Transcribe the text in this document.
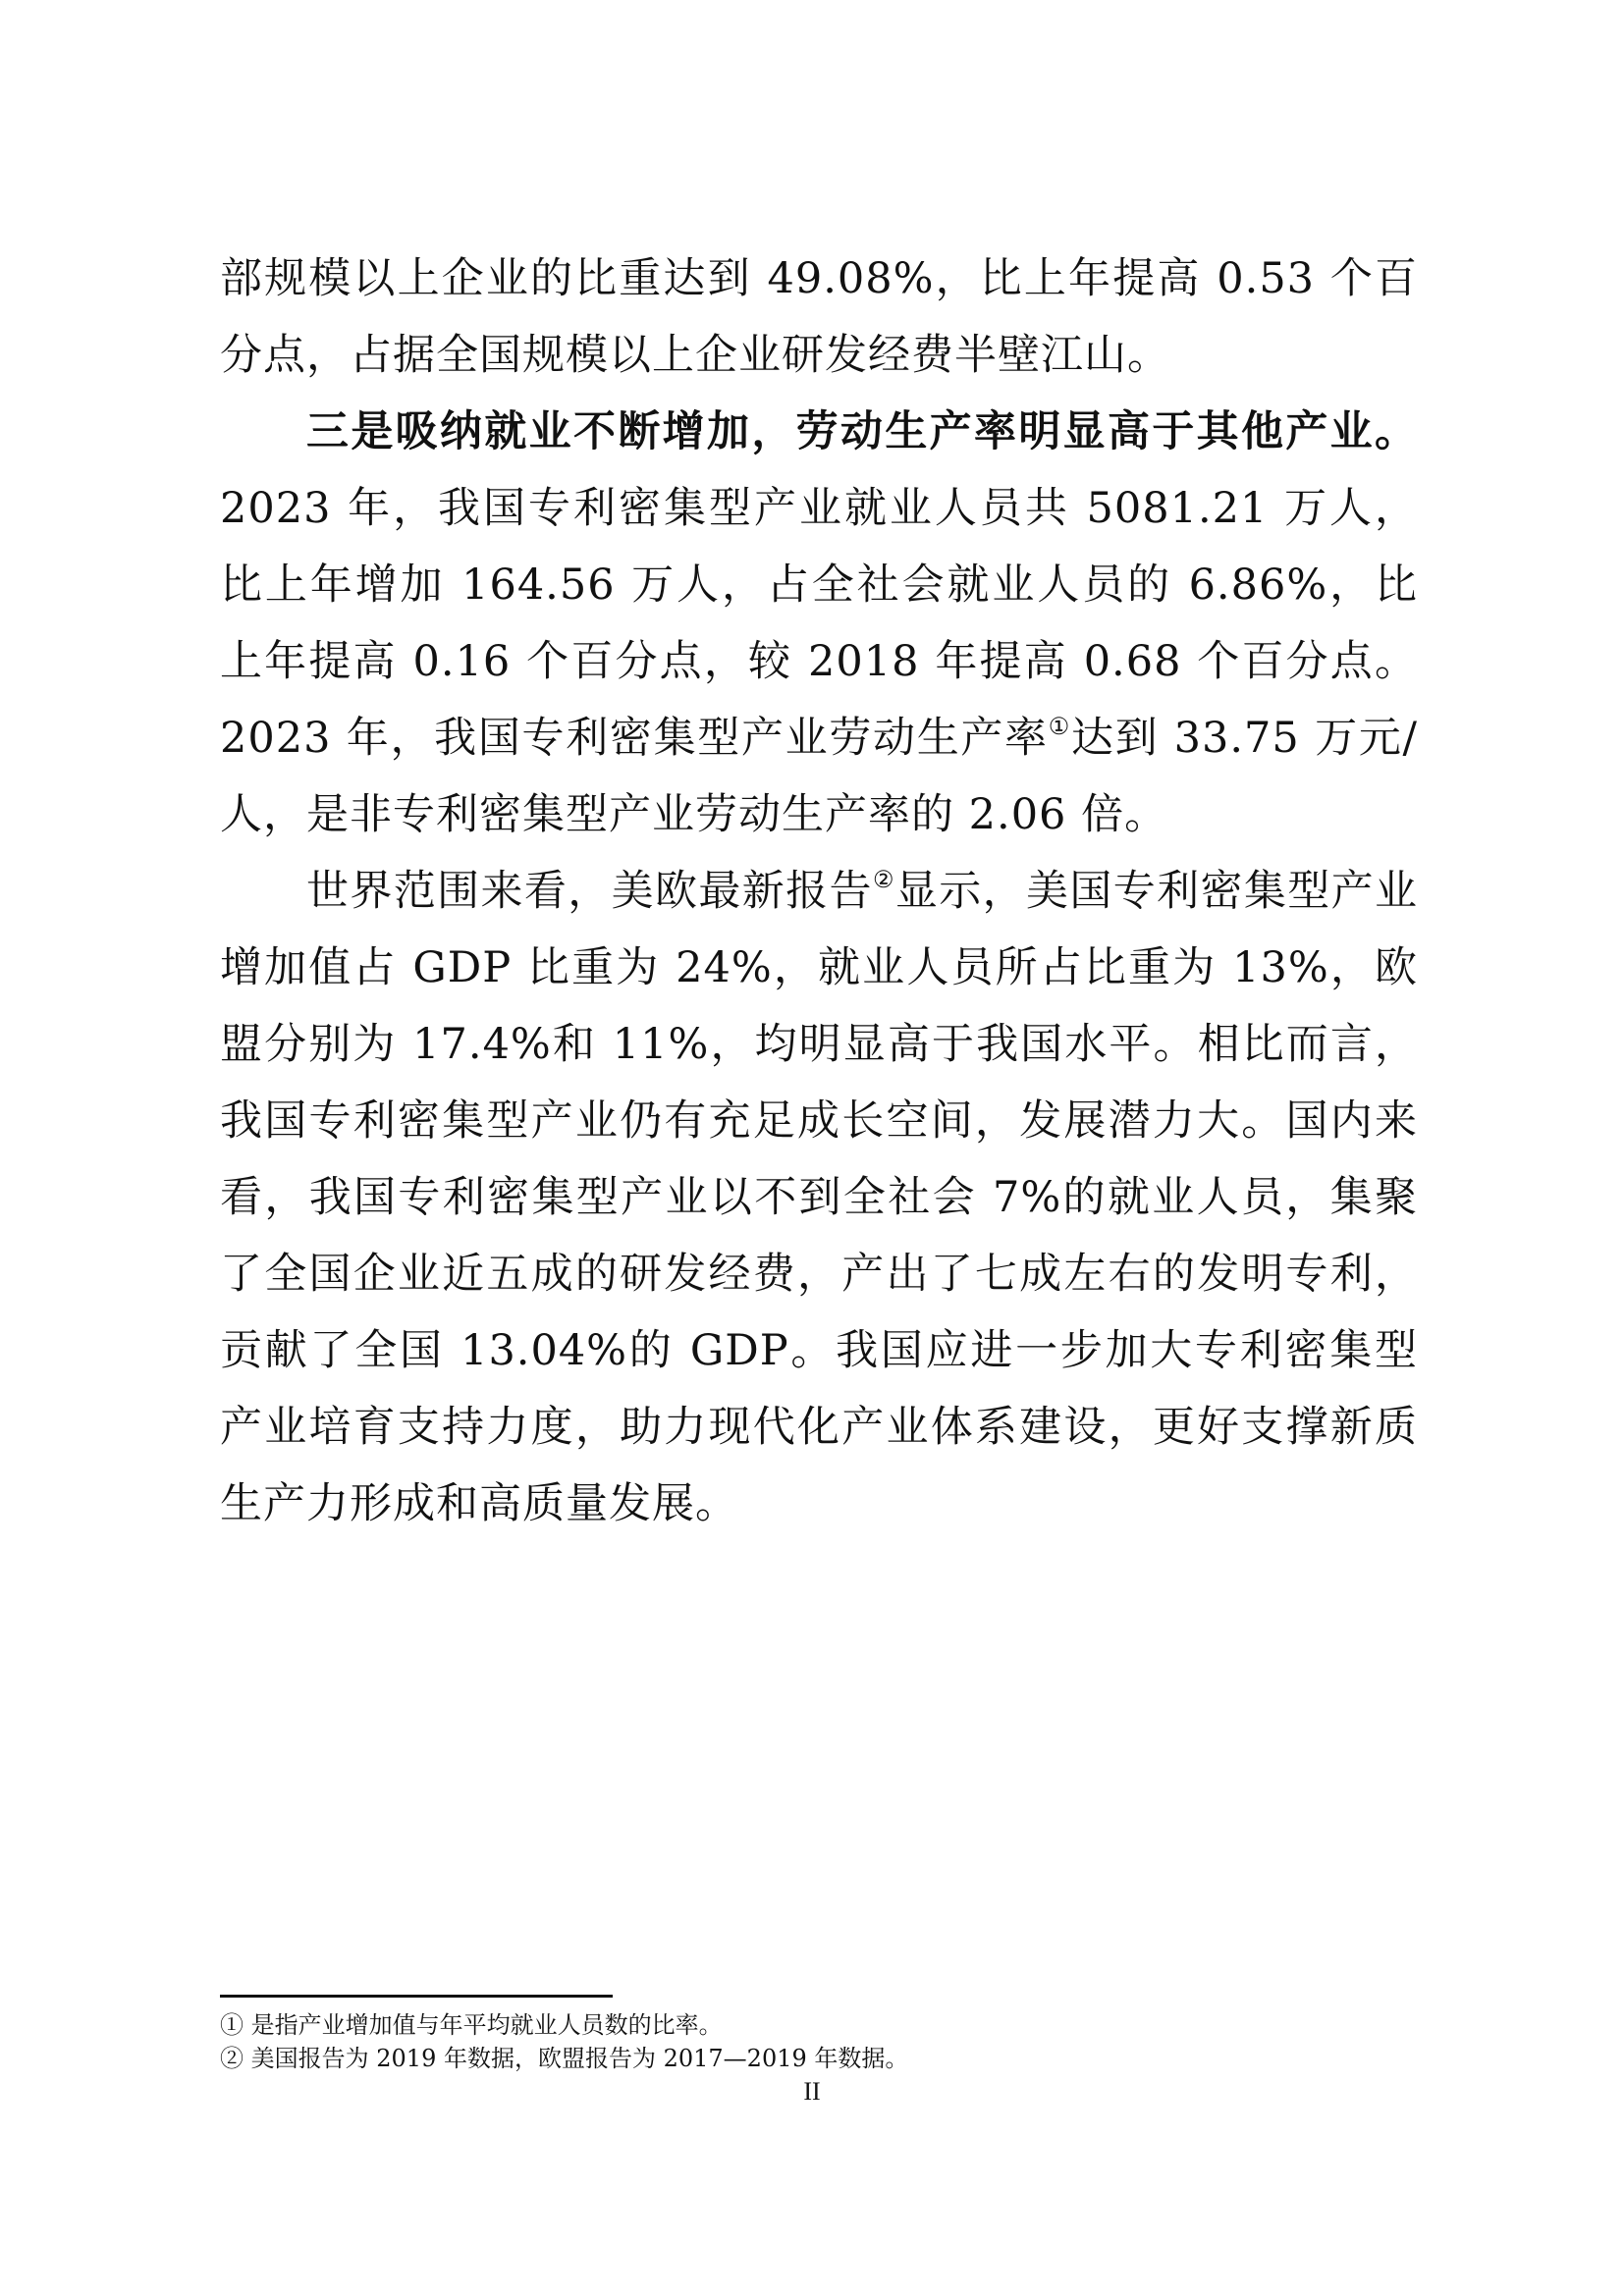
部规模以上企业的比重达到 49.08%，比上年提高 0.53 个百分点，占据全国规模以上企业研发经费半壁江山。

三是吸纳就业不断增加，劳动生产率明显高于其他产业。2023 年，我国专利密集型产业就业人员共 5081.21 万人，比上年增加 164.56 万人，占全社会就业人员的 6.86%，比上年提高 0.16 个百分点，较 2018 年提高 0.68 个百分点。2023 年，我国专利密集型产业劳动生产率①达到 33.75 万元/人，是非专利密集型产业劳动生产率的 2.06 倍。

世界范围来看，美欧最新报告②显示，美国专利密集型产业增加值占 GDP 比重为 24%，就业人员所占比重为 13%，欧盟分别为 17.4%和 11%，均明显高于我国水平。相比而言，我国专利密集型产业仍有充足成长空间，发展潜力大。国内来看，我国专利密集型产业以不到全社会 7%的就业人员，集聚了全国企业近五成的研发经费，产出了七成左右的发明专利，贡献了全国 13.04%的 GDP。我国应进一步加大专利密集型产业培育支持力度，助力现代化产业体系建设，更好支撑新质生产力形成和高质量发展。

① 是指产业增加值与年平均就业人员数的比率。

② 美国报告为 2019 年数据，欧盟报告为 2017—2019 年数据。

II
